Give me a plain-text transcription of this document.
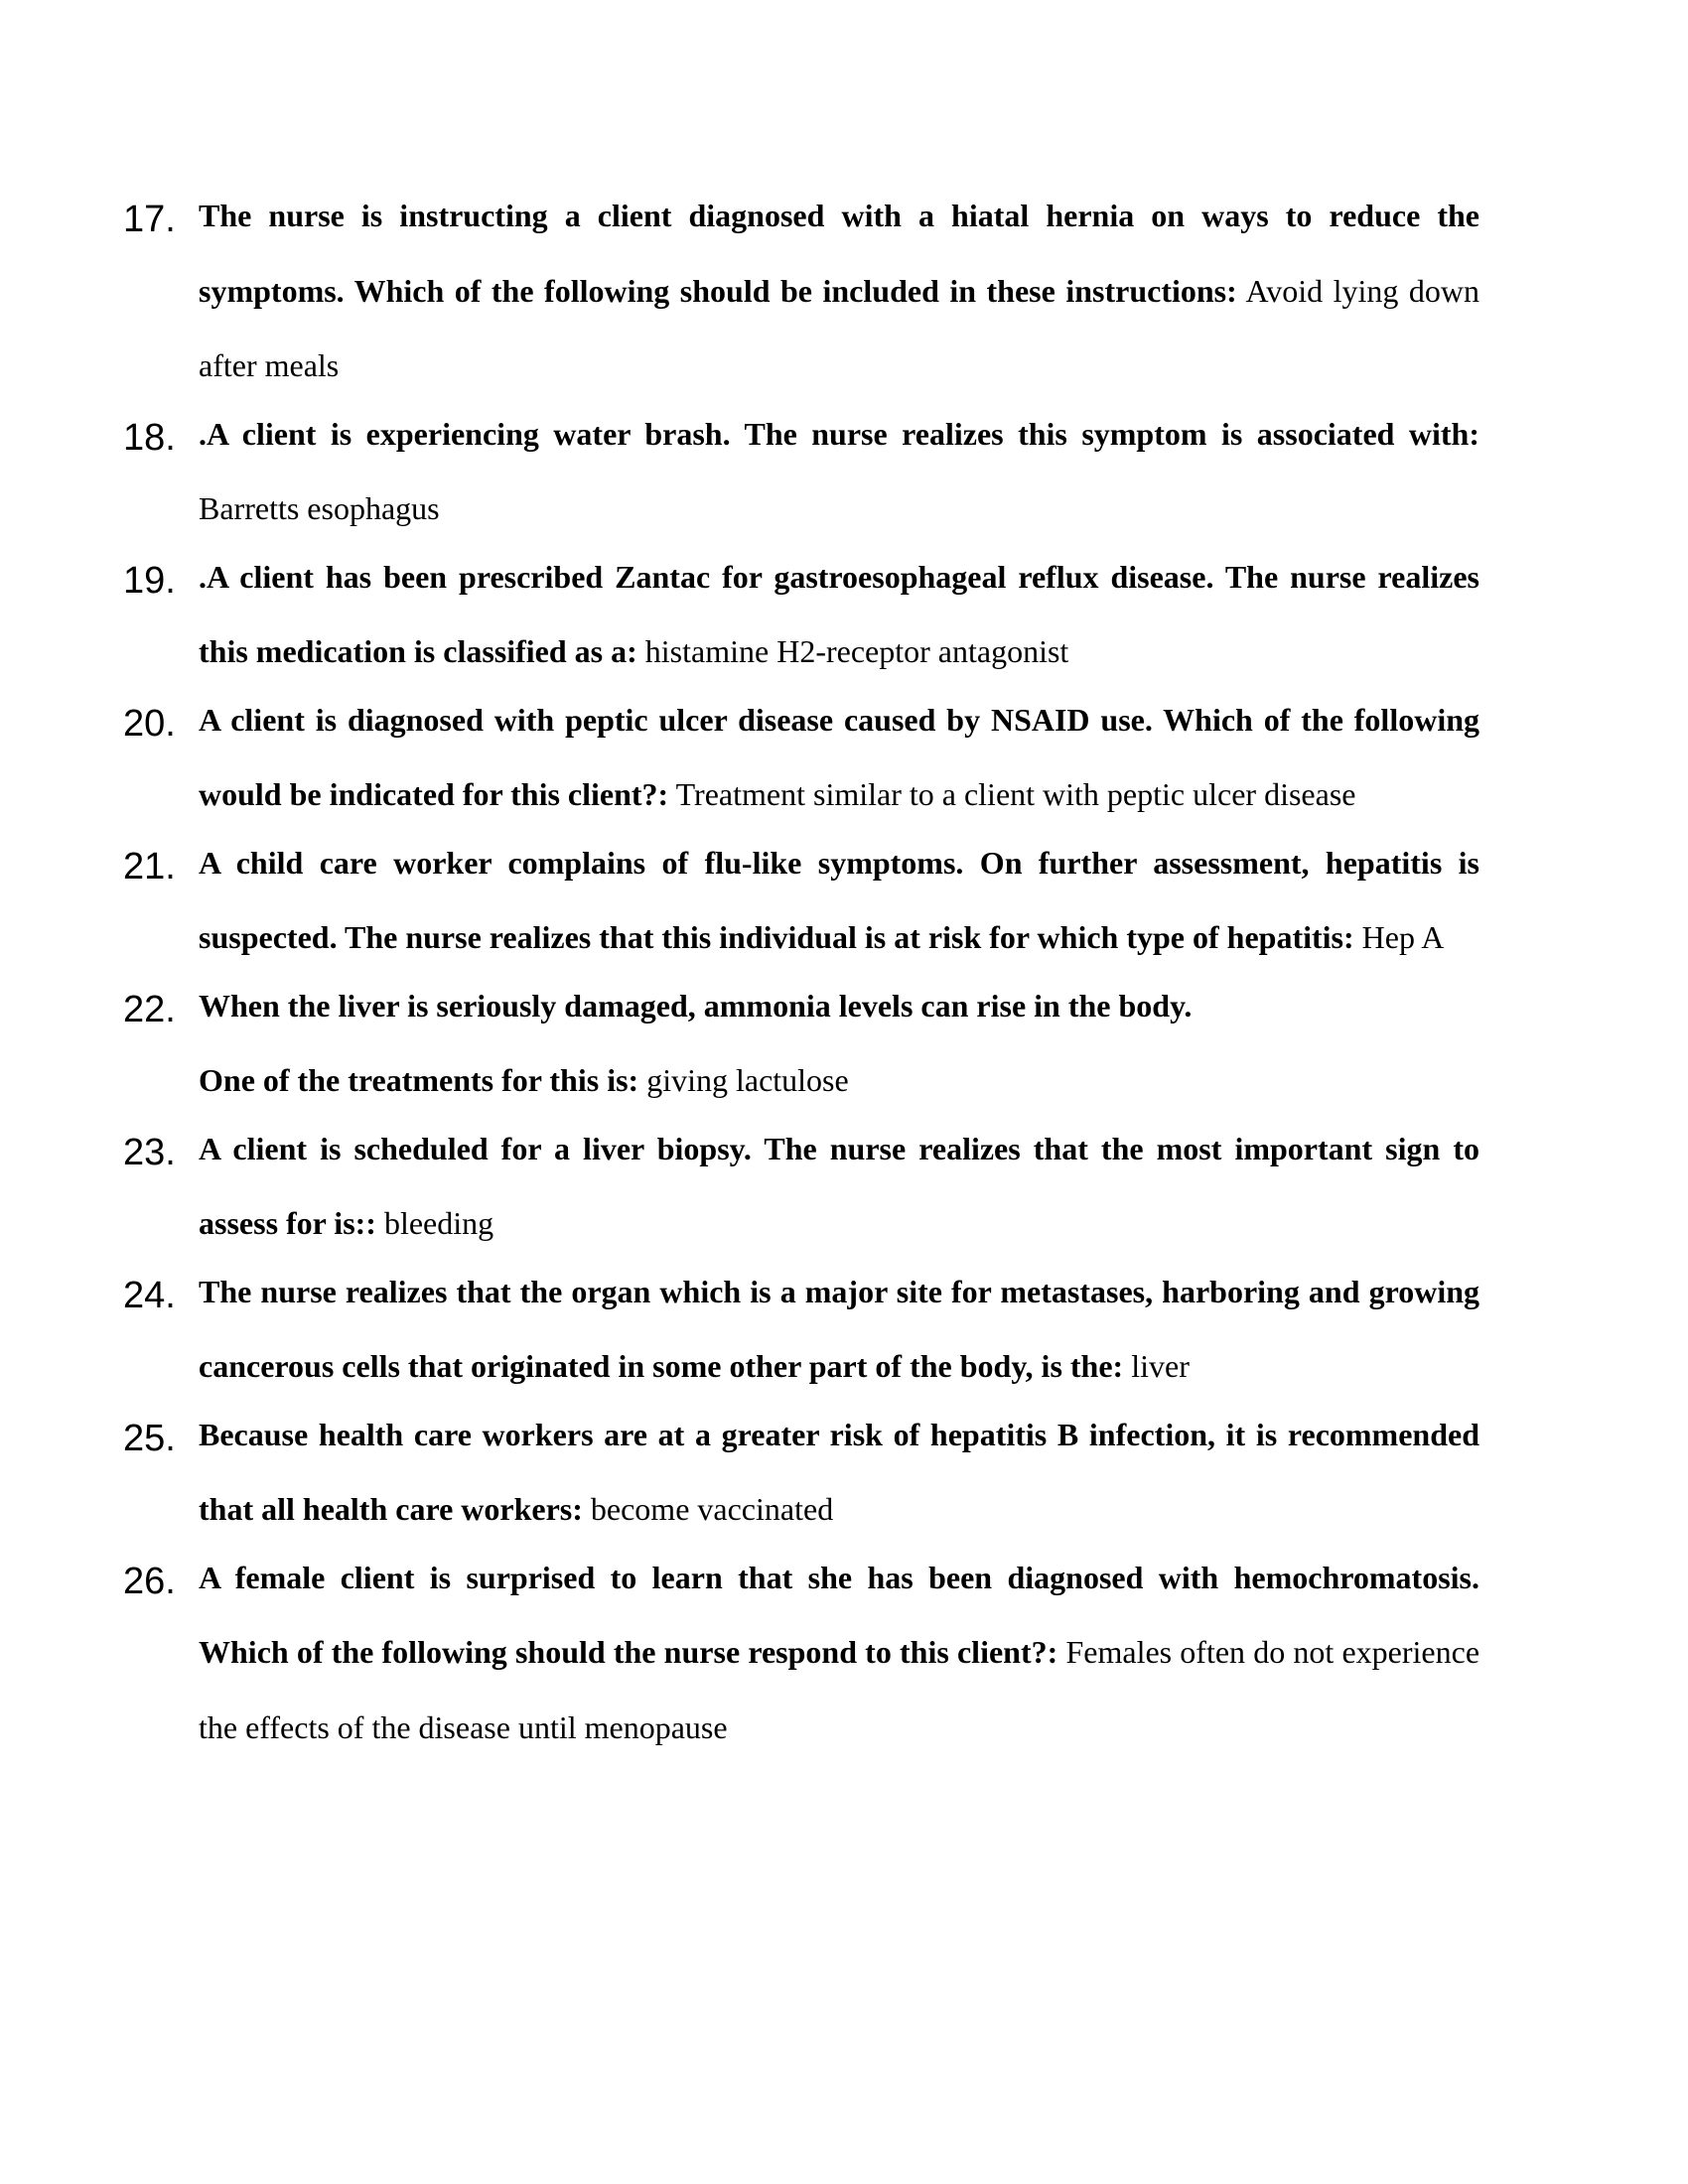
17. The nurse is instructing a client diagnosed with a hiatal hernia on ways to reduce the symptoms. Which of the following should be included in these instructions: Avoid lying down after meals
18. .A client is experiencing water brash. The nurse realizes this symptom is associated with: Barretts esophagus
19. .A client has been prescribed Zantac for gastroesophageal reflux disease. The nurse realizes this medication is classified as a: histamine H2-receptor antagonist
20. A client is diagnosed with peptic ulcer disease caused by NSAID use. Which of the following would be indicated for this client?: Treatment similar to a client with peptic ulcer disease
21. A child care worker complains of flu-like symptoms. On further assessment, hepatitis is suspected. The nurse realizes that this individual is at risk for which type of hepatitis: Hep A
22. When the liver is seriously damaged, ammonia levels can rise in the body.
One of the treatments for this is: giving lactulose
23. A client is scheduled for a liver biopsy. The nurse realizes that the most important sign to assess for is:: bleeding
24. The nurse realizes that the organ which is a major site for metastases, harboring and growing cancerous cells that originated in some other part of the body, is the: liver
25. Because health care workers are at a greater risk of hepatitis B infection, it is recommended that all health care workers: become vaccinated
26. A female client is surprised to learn that she has been diagnosed with hemochromatosis. Which of the following should the nurse respond to this client?: Females often do not experience the effects of the disease until menopause
